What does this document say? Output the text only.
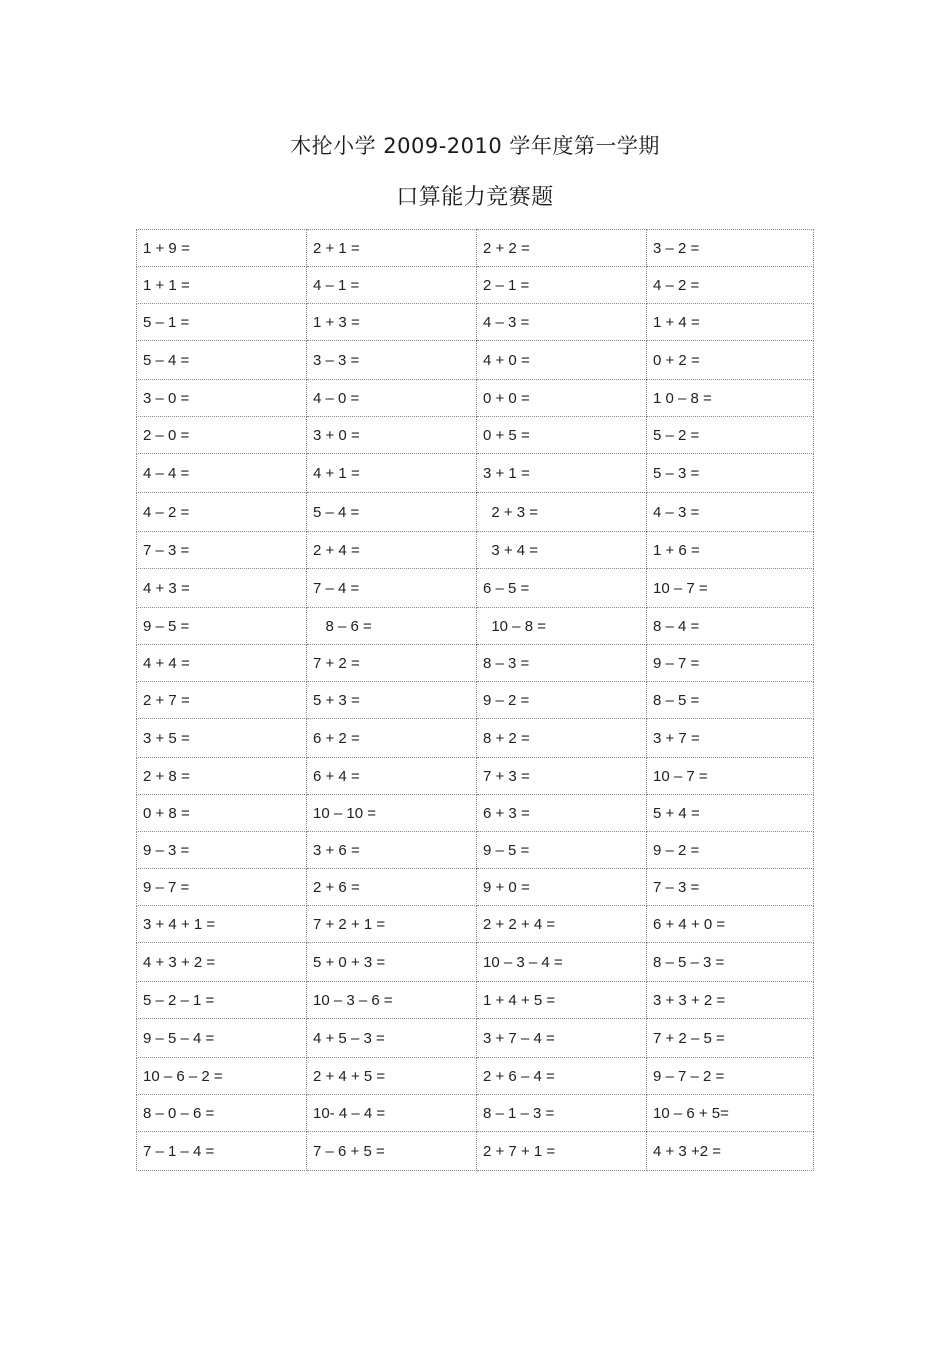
木抡小学 2009-2010 学年度第一学期
口算能力竞赛题
1 + 9 =	2 + 1 =	2 + 2 =	3 – 2 =
1 + 1 =	4 – 1 =	2 – 1 =	4 – 2 =
5 – 1 =	1 + 3 =	4 – 3 =	1 + 4 =
5 – 4 =	3 – 3 =	4 + 0 =	0 + 2 =
3 – 0 =	4 – 0 =	0 + 0 =	1 0 – 8 =
2 – 0 =	3 + 0 =	0 + 5 =	5 – 2 =
4 – 4 =	4 + 1 =	3 + 1 =	5 – 3 =
4 – 2 =	5 – 4 =	2 + 3 =	4 – 3 =
7 – 3 =	2 + 4 =	3 + 4 =	1 + 6 =
4 + 3 =	7 – 4 =	6 – 5 =	10 – 7 =
9 – 5 =	8 – 6 =	10 – 8 =	8 – 4 =
4 + 4 =	7 + 2 =	8 – 3 =	9 – 7 =
2 + 7 =	5 + 3 =	9 – 2 =	8 – 5 =
3 + 5 =	6 + 2 =	8 + 2 =	3 + 7 =
2 + 8 =	6 + 4 =	7 + 3 =	10 – 7 =
0 + 8 =	10 – 10 =	6 + 3 =	5 + 4 =
9 – 3 =	3 + 6 =	9 – 5 =	9 – 2 =
9 – 7 =	2 + 6 =	9 + 0 =	7 – 3 =
3 + 4 + 1 =	7 + 2 + 1 =	2 + 2 + 4 =	6 + 4 + 0 =
4 + 3 + 2 =	5 + 0 + 3 =	10 – 3 – 4 =	8 – 5 – 3 =
5 – 2 – 1 =	10 – 3 – 6 =	1 + 4 + 5 =	3 + 3 + 2 =
9 – 5 – 4 =	4 + 5 – 3 =	3 + 7 – 4 =	7 + 2 – 5 =
10 – 6 – 2 =	2 + 4 + 5 =	2 + 6 – 4 =	9 – 7 – 2 =
8 – 0 – 6 =	10- 4 – 4 =	8 – 1 – 3 =	10 – 6 + 5=
7 – 1 – 4 =	7 – 6 + 5 =	2 + 7 + 1 =	4 + 3 +2 =
